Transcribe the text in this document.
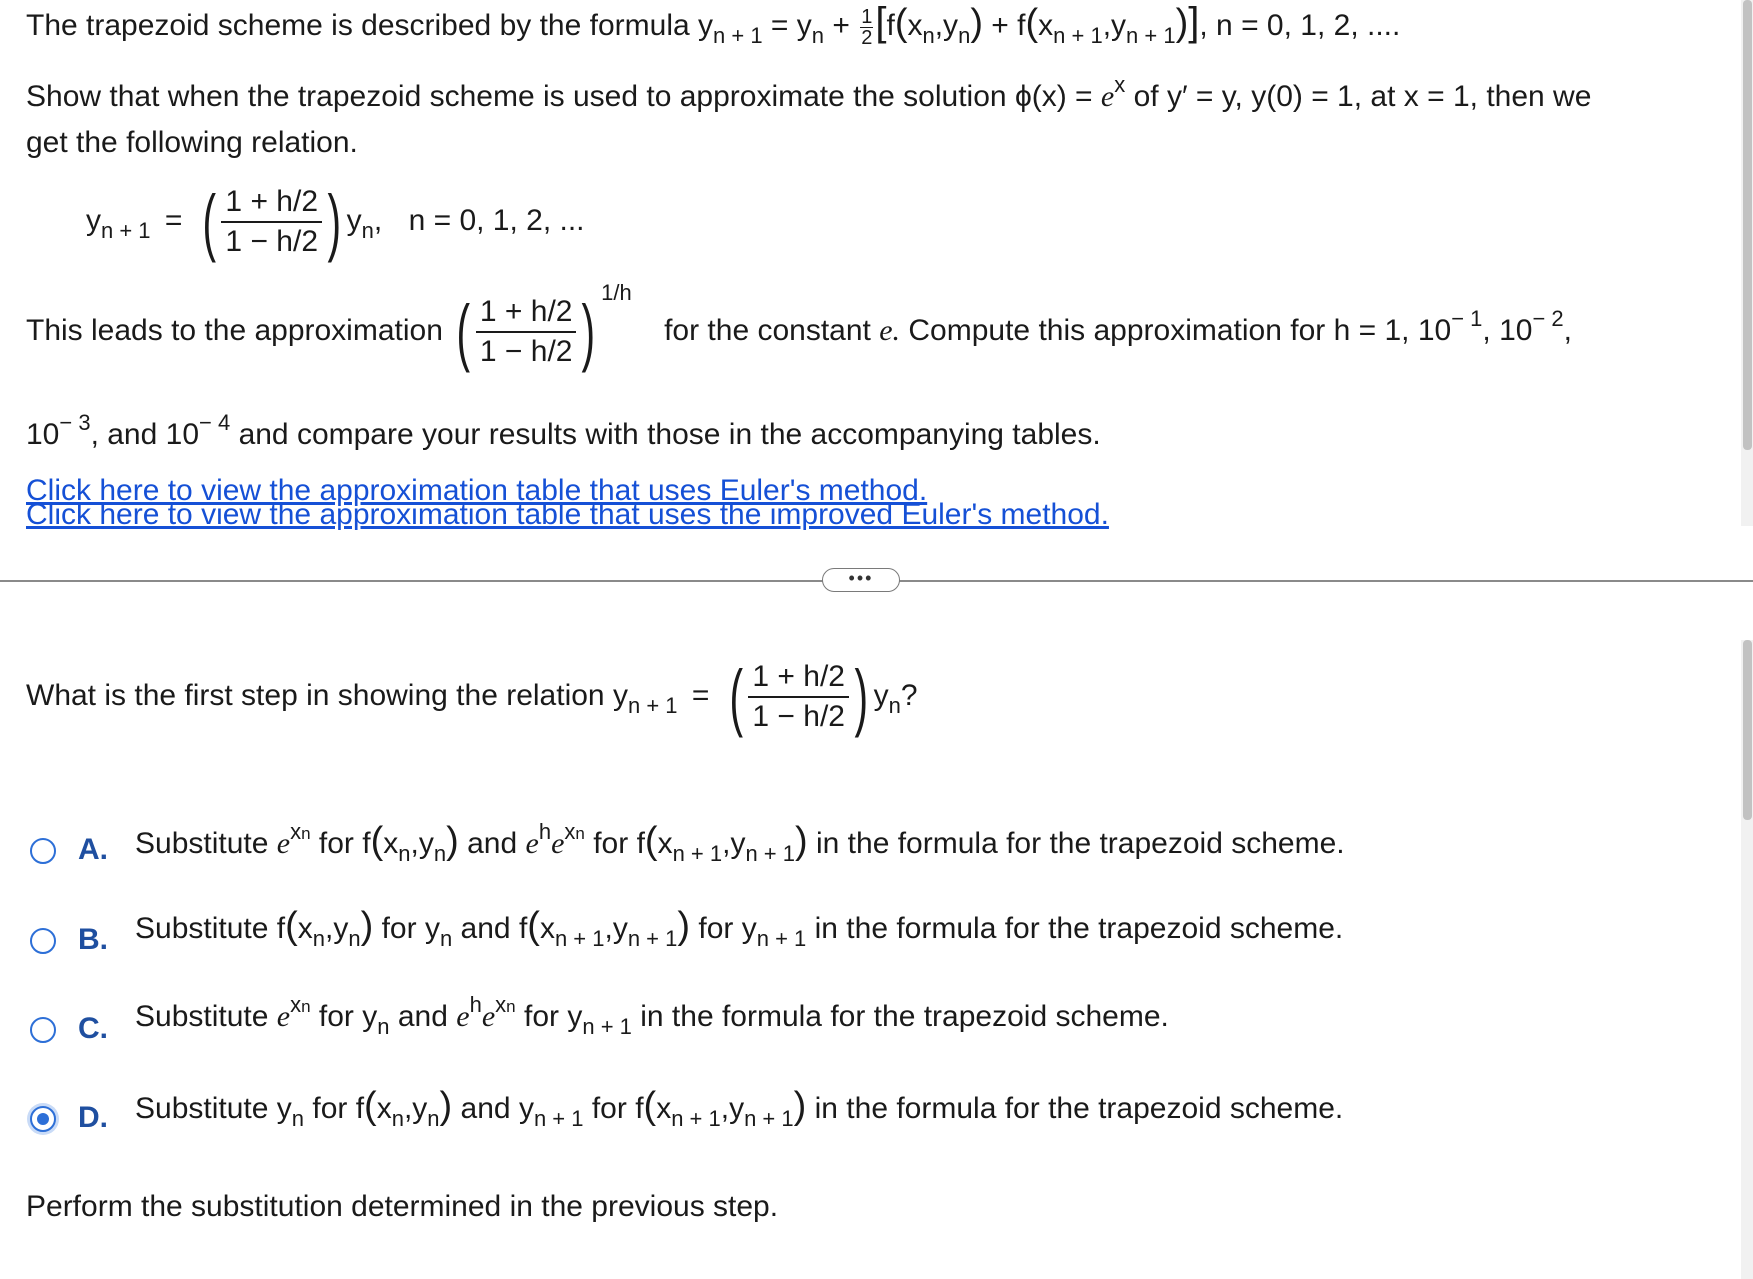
The trapezoid scheme is described by the formula $y_{n + 1} = y_n + \frac{1}{2}[f(x_n,y_n) + f(x_{n + 1},y_{n + 1})]$, n = 0, 1, 2, ....
Show that when the trapezoid scheme is used to approximate the solution $\phi(x) = e^x$ of y′ = y, y(0) = 1, at x = 1, then we
get the following relation.
$y_{n + 1}$ = ( $\frac{1 + h/2}{1 - h/2}$ ) $y_n$, n = 0, 1, 2, ...
This leads to the approximation ( $\frac{1 + h/2}{1 - h/2}$ ) $^{1/h}$ for the constant e. Compute this approximation for h = 1, $10^{- 1}$, $10^{- 2}$,
$10^{- 3}$, and $10^{- 4}$ and compare your results with those in the accompanying tables.
Click here to view the approximation table that uses Euler's method.
Click here to view the approximation table that uses the improved Euler's method.
•••
What is the first step in showing the relation $y_{n + 1}$ = ( $\frac{1 + h/2}{1 - h/2}$ ) $y_n$?
A. Substitute $e^{xn}$ for $f(x_n,y_n)$ and $e^he^{xn}$ for $f(x_{n + 1},y_{n + 1})$ in the formula for the trapezoid scheme.
B. Substitute $f(x_n,y_n)$ for $y_n$ and $f(x_{n + 1},y_{n + 1})$ for $y_{n + 1}$ in the formula for the trapezoid scheme.
C. Substitute $e^{xn}$ for $y_n$ and $e^he^{xn}$ for $y_{n + 1}$ in the formula for the trapezoid scheme.
D. Substitute $y_n$ for $f(x_n,y_n)$ and $y_{n + 1}$ for $f(x_{n + 1},y_{n + 1})$ in the formula for the trapezoid scheme.
Perform the substitution determined in the previous step.
